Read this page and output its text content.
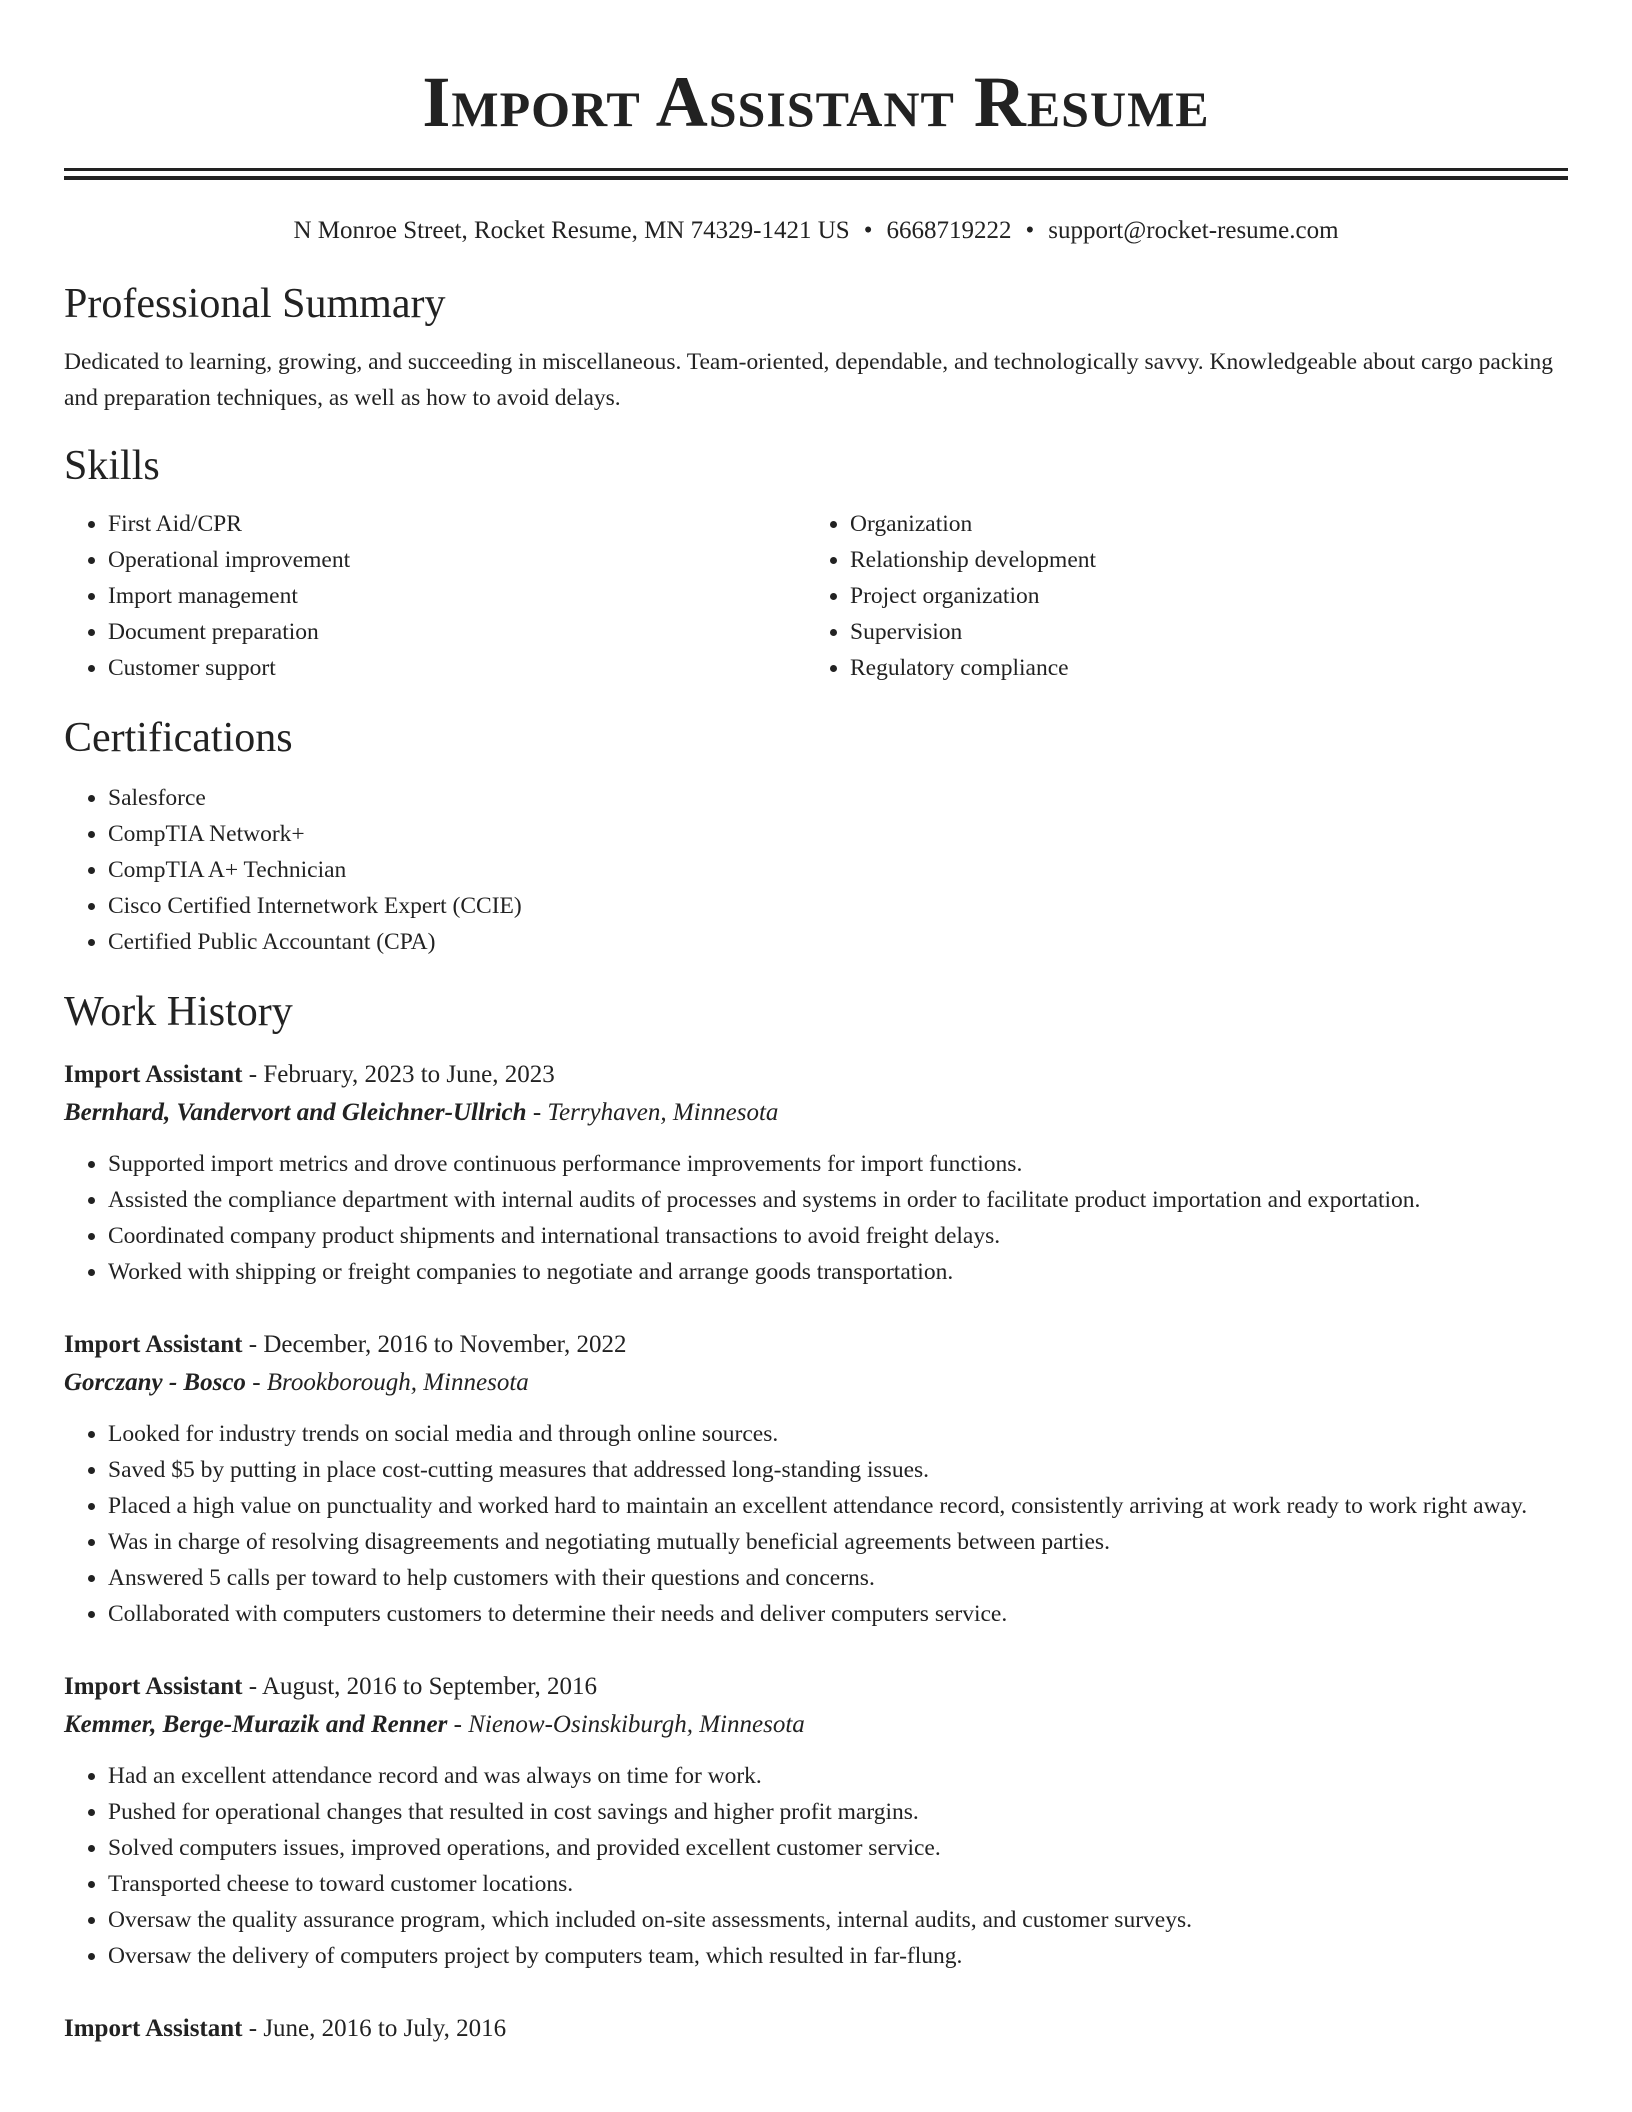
Import Assistant Resume
N Monroe Street, Rocket Resume, MN 74329-1421 US • 6668719222 • support@rocket-resume.com
Professional Summary

Dedicated to learning, growing, and succeeding in miscellaneous. Team-oriented, dependable, and technologically savvy. Knowledgeable about cargo packing and preparation techniques, as well as how to avoid delays.

Skills
• First Aid/CPR
• Operational improvement
• Import management
• Document preparation
• Customer support
• Organization
• Relationship development
• Project organization
• Supervision
• Regulatory compliance
Certifications
• Salesforce
• CompTIA Network+
• CompTIA A+ Technician
• Cisco Certified Internetwork Expert (CCIE)
• Certified Public Accountant (CPA)
Work History
Import Assistant - February, 2023 to June, 2023
Bernhard, Vandervort and Gleichner-Ullrich - Terryhaven, Minnesota
• Supported import metrics and drove continuous performance improvements for import functions.
• Assisted the compliance department with internal audits of processes and systems in order to facilitate product importation and exportation.
• Coordinated company product shipments and international transactions to avoid freight delays.
• Worked with shipping or freight companies to negotiate and arrange goods transportation.
Import Assistant - December, 2016 to November, 2022
Gorczany - Bosco - Brookborough, Minnesota
• Looked for industry trends on social media and through online sources.
• Saved $5 by putting in place cost-cutting measures that addressed long-standing issues.
• Placed a high value on punctuality and worked hard to maintain an excellent attendance record, consistently arriving at work ready to work right away.
• Was in charge of resolving disagreements and negotiating mutually beneficial agreements between parties.
• Answered 5 calls per toward to help customers with their questions and concerns.
• Collaborated with computers customers to determine their needs and deliver computers service.
Import Assistant - August, 2016 to September, 2016
Kemmer, Berge-Murazik and Renner - Nienow-Osinskiburgh, Minnesota
• Had an excellent attendance record and was always on time for work.
• Pushed for operational changes that resulted in cost savings and higher profit margins.
• Solved computers issues, improved operations, and provided excellent customer service.
• Transported cheese to toward customer locations.
• Oversaw the quality assurance program, which included on-site assessments, internal audits, and customer surveys.
• Oversaw the delivery of computers project by computers team, which resulted in far-flung.
Import Assistant - June, 2016 to July, 2016
